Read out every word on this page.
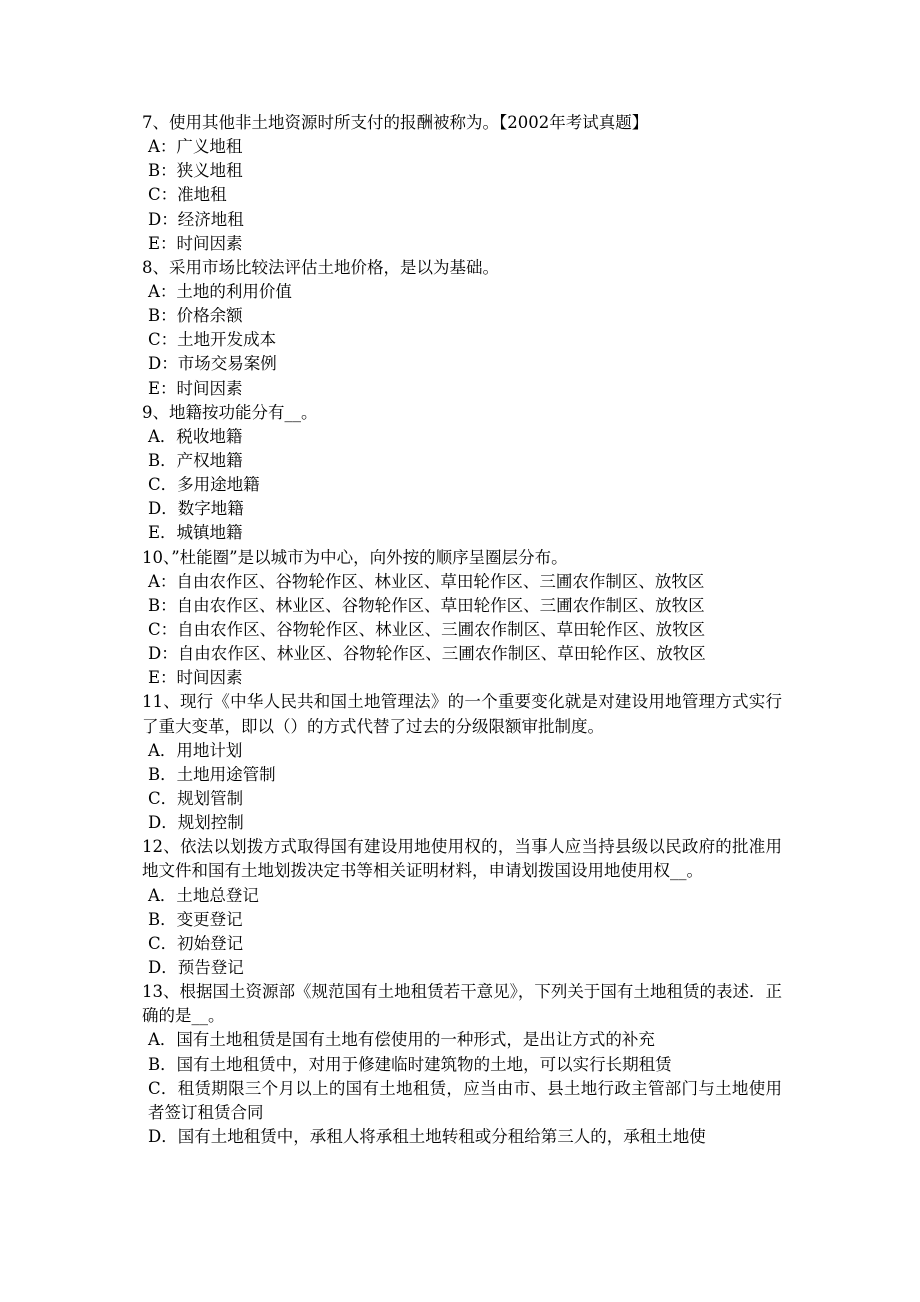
7、使用其他非土地资源时所支付的报酬被称为。【2002年考试真题】
A：广义地租
B：狭义地租
C：准地租
D：经济地租
E：时间因素
8、采用市场比较法评估土地价格，是以为基础。
A：土地的利用价值
B：价格余额
C：土地开发成本
D：市场交易案例
E：时间因素
9、地籍按功能分有__。
A．税收地籍
B．产权地籍
C．多用途地籍
D．数字地籍
E．城镇地籍
10、”杜能圈”是以城市为中心，向外按的顺序呈圈层分布。
A：自由农作区、谷物轮作区、林业区、草田轮作区、三圃农作制区、放牧区
B：自由农作区、林业区、谷物轮作区、草田轮作区、三圃农作制区、放牧区
C：自由农作区、谷物轮作区、林业区、三圃农作制区、草田轮作区、放牧区
D：自由农作区、林业区、谷物轮作区、三圃农作制区、草田轮作区、放牧区
E：时间因素

11、现行《中华人民共和国土地管理法》的一个重要变化就是对建设用地管理方式实行了重大变革，即以（）的方式代替了过去的分级限额审批制度。

A．用地计划
B．土地用途管制
C．规划管制
D．规划控制

12、依法以划拨方式取得国有建设用地使用权的，当事人应当持县级以民政府的批准用地文件和国有土地划拨决定书等相关证明材料，申请划拨国设用地使用权__。

A．土地总登记
B．变更登记
C．初始登记
D．预告登记

13、根据国土资源部《规范国有土地租赁若干意见》，下列关于国有土地租赁的表述．正确的是__。

A．国有土地租赁是国有土地有偿使用的一种形式，是出让方式的补充
B．国有土地租赁中，对用于修建临时建筑物的土地，可以实行长期租赁

C．租赁期限三个月以上的国有土地租赁，应当由市、县土地行政主管部门与土地使用者签订租赁合同

D．国有土地租赁中，承租人将承租土地转租或分租给第三人的，承租土地使
